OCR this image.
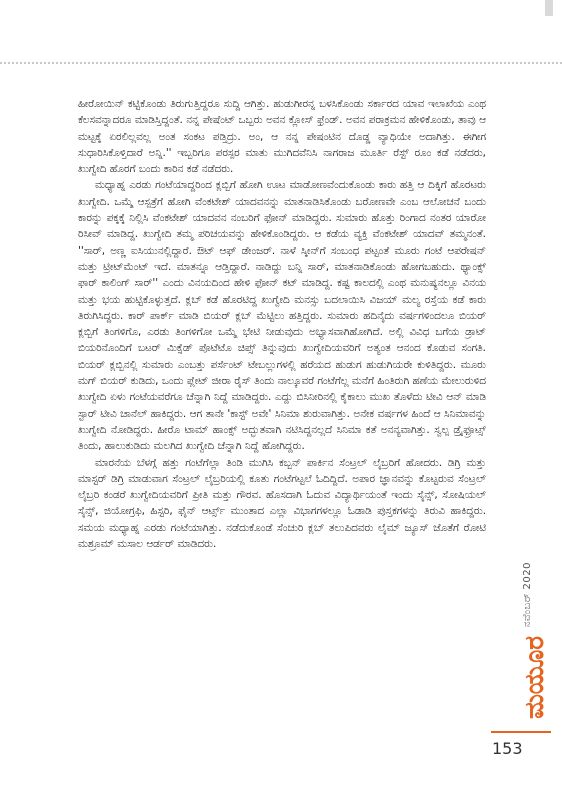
ಹೀರೋಯಿನ್ ಕಟ್ಟಿಕೊಂಡು ತಿರುಗುತ್ತಿದ್ದರೂ ಸುದ್ದಿ ಆಗಿತ್ತು. ಹುಡುಗೀರನ್ನ ಬಳಸಿಕೊಂಡು ಸರ್ಕಾರದ ಯಾವ ಇಲಾಖೆಯ ಎಂಥ ಕೆಲಸವನ್ನಾದರೂ ಮಾಡಿಸ್ತಿದ್ದಂತೆ. ನನ್ನ ಪೇಷೆಂಟ್ ಒಬ್ಬರು ಅವನ ಕ್ಲೋಸ್ ಫ್ರೆಂಡ್. ಅವನ ಪರಾಕ್ರಮನ ಹೇಳಿಕೊಂಡು, ತಾವು ಆ ಮಟ್ಟಕ್ಕೆ ಏರಲಿಲ್ಲವಲ್ಲ ಅಂತ ಸಂಕಟ ಪಡ್ತಿದ್ರು. ಅಂ, ಆ ನನ್ನ ಪೇಷಂಟಿನ ದೊಡ್ಡ ವ್ಯಾಧಿಯೇ ಅದಾಗಿತ್ತು. ಈಗೀಗ ಸುಧಾರಿಸಿಕೊಳ್ತಿದಾರೆ ಅನ್ನಿ.'' ಇಬ್ಬರಿಗೂ ಪರಸ್ಪರ ಮಾತು ಮುಗಿದವೆನಿಸಿ ನಾಗರಾಜ ಮೂರ್ತಿ ರೆಸ್ಟ್ ರೂಂ ಕಡೆ ನಡೆದರು, ಖುಗ್ವೇದಿ ಹೊರಗೆ ಬಂದು ಕಾರಿನ ಕಡೆ ನಡೆದರು.

ಮಧ್ಯಾಹ್ನ ಎರಡು ಗಂಟೆಯಾದ್ದರಿಂದ ಕ್ಲಬ್ಬಿಗೆ ಹೋಗಿ ಊಟ ಮಾಡೋಣವೆಂದುಕೊಂಡು ಕಾರು ಹತ್ತಿ ಆ ದಿಕ್ಕಿಗೆ ಹೊರಟರು ಖುಗ್ವೇದಿ. ಒಮ್ಮೆ ಆಸ್ಪತ್ರೆಗೆ ಹೋಗಿ ವೆಂಕಟೇಶ್ ಯಾದವನನ್ನು ಮಾತನಾಡಿಸಿಕೊಂಡು ಬರೋಣವೇ ಎಂಬ ಆಲೋಚನೆ ಬಂದು ಕಾರನ್ನು ಪಕ್ಕಕ್ಕೆ ನಿಲ್ಲಿಸಿ ವೆಂಕಟೇಶ್ ಯಾದವನ ನಂಬರಿಗೆ ಫೋನ್ ಮಾಡಿದ್ದರು. ಸುಮಾರು ಹೊತ್ತು ರಿಂಗಾದ ನಂತರ ಯಾರೋ ರಿಸೀವ್ ಮಾಡಿದ್ದ. ಖುಗ್ವೇದಿ ತಮ್ಮ ಪರಿಚಯವನ್ನು ಹೇಳಿಕೊಂಡಿದ್ದರು. ಆ ಕಡೆಯ ವ್ಯಕ್ತಿ ವೆಂಕಟೇಶ್ ಯಾದವ್ ತಮ್ಮನಂತೆ. ''ಸಾರ್, ಅಣ್ಣ ಐಸಿಯುನಲ್ಲಿದ್ದಾರೆ. ಔಟ್ ಆಫ್ ಡೇಂಜರ್. ನಾಳೆ ಸ್ಕೀನ್‌ಗೆ ಸಂಬಂಧ ಪಟ್ಟಂತೆ ಮೂರು ಗಂಟೆ ಆಪರೇಷನ್ ಮತ್ತು ಟ್ರೀಟ್‌ಮೆಂಟ್ ಇದೆ. ಮಾತನ್ನೂ ಆಡ್ತಿದ್ದಾರೆ. ನಾಡಿದ್ದು ಬನ್ನಿ ಸಾರ್, ಮಾತನಾಡಿಕೊಂಡು ಹೋಗಬಹುದು. ಥ್ಯಾಂಕ್ಸ್ ಫಾರ್ ಕಾಲಿಂಗ್ ಸಾರ್'' ಎಂದು ವಿನಯದಿಂದ ಹೇಳಿ ಫೋನ್ ಕಟ್ ಮಾಡಿದ್ದ. ಕಷ್ಟ ಕಾಲದಲ್ಲಿ ಎಂಥ ಮನುಷ್ಯನಲ್ಲೂ ವಿನಯ ಮತ್ತು ಭಯ ಹುಟ್ಟಿಕೊಳ್ಳುತ್ತದೆ. ಕ್ಲಬ್ ಕಡೆ ಹೊರಟಿದ್ದ ಖುಗ್ವೇದಿ ಮನಸ್ಸು ಬದಲಾಯಿಸಿ ವಿಜಯ್ ಮಲ್ಯ ರಸ್ತೆಯ ಕಡೆ ಕಾರು ತಿರುಗಿಸಿದ್ದರು. ಕಾರ್ ಪಾರ್ಕ್ ಮಾಡಿ ಬಿಯರ್ ಕ್ಲಬ್ ಮೆಟ್ಟಿಲು ಹತ್ತಿದ್ದರು. ಸುಮಾರು ಹದಿನೈದು ವರ್ಷಗಳಿಂದಲೂ ಬಿಯರ್ ಕ್ಲಬ್ಬಿಗೆ ತಿಂಗಳಿಗೊ, ಎರಡು ತಿಂಗಳಿಗೋ ಒಮ್ಮೆ ಭೇಟಿ ನೀಡುವುದು ಅಭ್ಯಾಸವಾಗಿಹೋಗಿದೆ. ಅಲ್ಲಿ ವಿವಿಧ ಬಗೆಯ ಡ್ರಾಟ್ ಬಿಯರಿನೊಂದಿಗೆ ಬಟರ್ ಮಿಕ್ಸೆಡ್ ಪೊಟೆಟೊ ಚಿಪ್ಸ್ ತಿನ್ನುವುದು ಖುಗ್ವೇದಿಯವರಿಗೆ ಅತ್ಯಂತ ಆನಂದ ಕೊಡುವ ಸಂಗತಿ. ಬಿಯರ್ ಕ್ಲಬ್ಬಿನಲ್ಲಿ ಸುಮಾರು ಎಂಬತ್ತು ಪರ್ಸೆಂಟ್ ಟೇಬಲ್ಲುಗಳಲ್ಲಿ ಹರೆಯದ ಹುಡುಗ ಹುಡುಗಿಯರೇ ಕುಳಿತಿದ್ದರು. ಮೂರು ಮಗ್ ಬಿಯರ್ ಕುಡಿದು, ಒಂದು ಪ್ಲೇಟ್ ಜೀರಾ ರೈಸ್ ತಿಂದು ನಾಲ್ಕೂವರೆ ಗಂಟೆಗೆಲ್ಲ ಮನೆಗೆ ಹಿಂತಿರುಗಿ ಹಣೆಯ ಮೇಲುರುಳಿದ ಖುಗ್ವೇದಿ ಏಳು ಗಂಟೆಯವರೆಗೂ ಚೆನ್ನಾಗಿ ನಿದ್ದೆ ಮಾಡಿದ್ದರು. ಎದ್ದು ಬಿಸಿನೀರಿನಲ್ಲಿ ಕೈಕಾಲು ಮುಖ ತೊಳೆದು ಟೀವಿ ಆನ್ ಮಾಡಿ ಸ್ಟಾರ್ ಟೀವಿ ಚಾನೆಲ್ ಹಾಕಿದ್ದರು. ಆಗ ತಾನೇ 'ಕಾಸ್ಟ್ ಅವೇ' ಸಿನಿಮಾ ಶುರುವಾಗಿತ್ತು. ಅನೇಕ ವರ್ಷಗಳ ಹಿಂದೆ ಆ ಸಿನಿಮಾವನ್ನು ಖುಗ್ವೇದಿ ನೋಡಿದ್ದರು. ಹೀರೊ ಟಾಮ್ ಹಾಂಕ್ಸ್ ಅದ್ಭುತವಾಗಿ ನಟಿಸಿದ್ದನಲ್ಲದೆ ಸಿನಿಮಾ ಕತೆ ಅನನ್ಯವಾಗಿತ್ತು. ಸ್ವಲ್ಪ ಡ್ರೈಫ್ರೂಟ್ಸ್ ತಿಂದು, ಹಾಲುಕುಡಿದು ಮಲಗಿದ ಖುಗ್ವೇದಿ ಚೆನ್ನಾಗಿ ನಿದ್ದೆ ಹೋಗಿದ್ದರು.

ಮಾರನೆಯ ಬೆಳಗ್ಗೆ ಹತ್ತು ಗಂಟೆಗೆಲ್ಲಾ ತಿಂಡಿ ಮುಗಿಸಿ ಕಬ್ಬನ್ ಪಾರ್ಕಿನ ಸೆಂಟ್ರಲ್ ಲೈಬ್ರರಿಗೆ ಹೋದರು. ಡಿಗ್ರಿ ಮತ್ತು ಮಾಸ್ಟರ್ ಡಿಗ್ರಿ ಮಾಡುವಾಗ ಸೆಂಟ್ರಲ್ ಲೈಬ್ರರಿಯಲ್ಲಿ ಕೂತು ಗಂಟೆಗಟ್ಟಲೆ ಓದಿದ್ದಿದೆ. ಅಪಾರ ಜ್ಞಾನವನ್ನು ಕೊಟ್ಟರುವ ಸೆಂಟ್ರಲ್ ಲೈಬ್ರರಿ ಕಂಡರೆ ಖುಗ್ವೇದಿಯವರಿಗೆ ಪ್ರೀತಿ ಮತ್ತು ಗೌರವ. ಹೊಸದಾಗಿ ಓದುವ ವಿದ್ಯಾರ್ಥಿಯಂತೆ ಇಂದು ಸೈನ್ಸ್, ಸೋಷಿಯಲ್ ಸೈನ್ಸ್, ಜಿಯೋಗ್ರಫಿ, ಹಿಸ್ಟರಿ, ಫೈನ್ ಆರ್ಟ್ಸ್ ಮುಂತಾದ ಎಲ್ಲಾ ವಿಭಾಗಗಳಲ್ಲೂ ಓಡಾಡಿ ಪುಸ್ತಕಗಳನ್ನು ತಿರುವಿ ಹಾಕಿದ್ದರು. ಸಮಯ ಮಧ್ಯಾಹ್ನ ಎರಡು ಗಂಟೆಯಾಗಿತ್ತು. ನಡೆದುಕೊಂಡೆ ಸೆಂಚುರಿ ಕ್ಲಬ್ ತಲುಪಿದವರು ಲೈಮ್ ಜ್ಯೂಸ್ ಜೊತೆಗೆ ರೋಟಿ ಮಶ್ರೂಮ್ ಮಸಾಲ ಆರ್ಡರ್ ಮಾಡಿದರು.

ನವೆಂಬರ್ 2020
ಮಯೂರ
153
